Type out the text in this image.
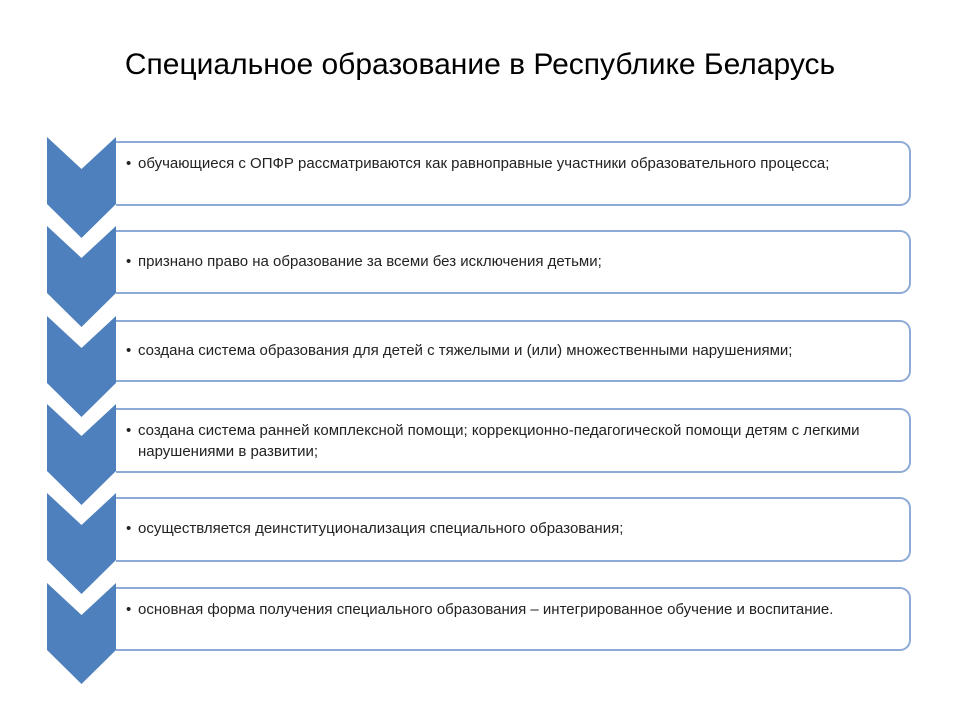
Специальное образование в Республике Беларусь
• обучающиеся с ОПФР рассматриваются как равноправные участники образовательного процесса;
• признано право на образование за всеми без исключения детьми;
• создана система образования для детей с тяжелыми и (или) множественными нарушениями;
• создана система ранней комплексной помощи; коррекционно-педагогической помощи детям с легкими нарушениями в развитии;
• осуществляется деинституционализация специального образования;
• основная форма получения специального образования – интегрированное обучение и воспитание.
